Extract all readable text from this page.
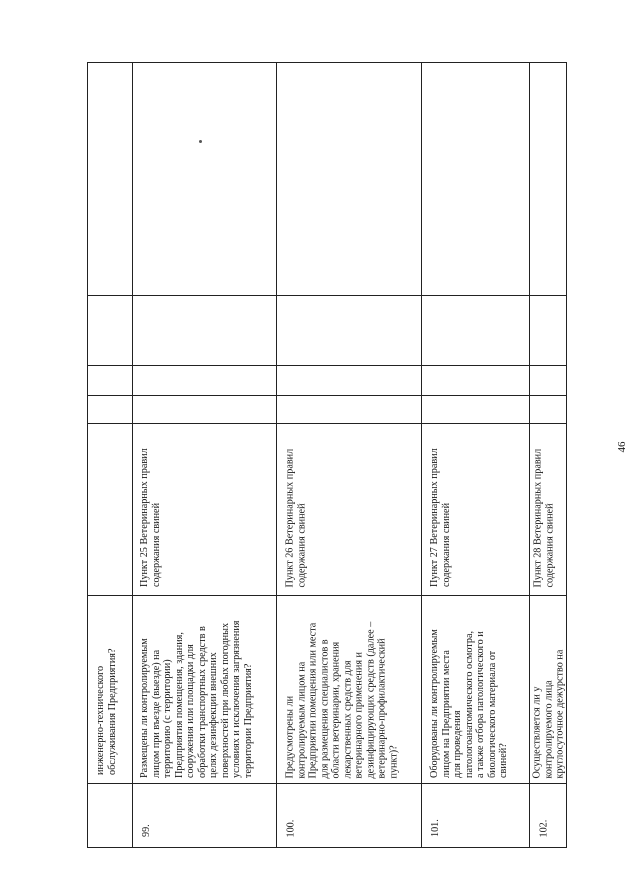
46
инженерно-технического обслуживания Предприятия?
99.
Размещены ли контролируемым лицом при въезде (выезде) на территорию (с территории) Предприятия помещения, здания, сооружения или площадки для обработки транспортных средств в целях дезинфекции внешних поверхностей при любых погодных условиях и исключения загрязнения территории Предприятия?
Пункт 25 Ветеринарных правил содержания свиней
100.
Предусмотрены ли контролируемым лицом на Предприятии помещения или места для размещения специалистов в области ветеринарии, хранения лекарственных средств для ветеринарного применения и дезинфицирующих средств (далее – ветеринарно-профилактический пункт)?
Пункт 26 Ветеринарных правил содержания свиней
101.
Оборудованы ли контролируемым лицом на Предприятии места для проведения патологоанатомического осмотра, а также отбора патологического и биологического материала от свиней?
Пункт 27 Ветеринарных правил содержания свиней
102.
Осуществляется ли у контролируемого лица круглосуточное дежурство на
Пункт 28 Ветеринарных правил содержания свиней
